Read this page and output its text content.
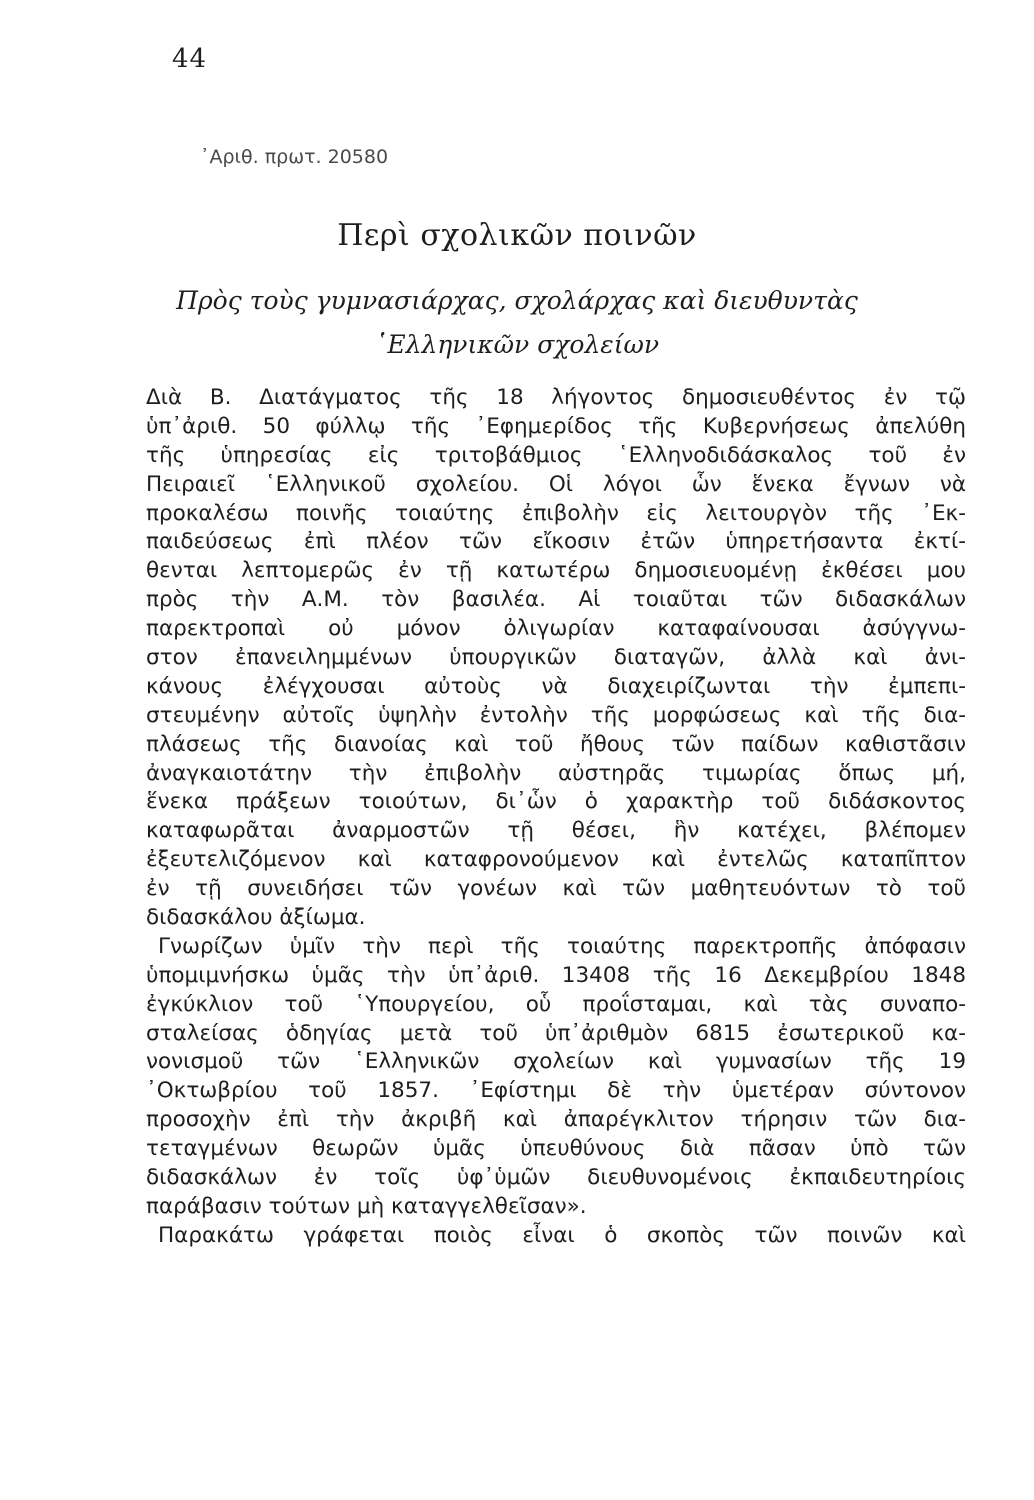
44
᾿Αριθ. πρωτ. 20580
Περὶ σχολικῶν ποινῶν
Πρὸς τοὺς γυμνασιάρχας, σχολάρχας καὶ διευθυντὰς
῾Ελληνικῶν σχολείων
Διὰ Β. Διατάγματος τῆς 18 λήγοντος δημοσιευθέντος ἐν τῷ
ὑπ᾿ἀριθ. 50 φύλλῳ τῆς ᾿Εφημερίδος τῆς Κυβερνήσεως ἀπελύθη
τῆς ὑπηρεσίας εἰς τριτοβάθμιος ῾Ελληνοδιδάσκαλος τοῦ ἐν
Πειραιεῖ ῾Ελληνικοῦ σχολείου. Οἱ λόγοι ὧν ἕνεκα ἔγνων νὰ
προκαλέσω ποινῆς τοιαύτης ἐπιβολὴν εἰς λειτουργὸν τῆς ᾿Εκ-
παιδεύσεως ἐπὶ πλέον τῶν εἴκοσιν ἐτῶν ὑπηρετήσαντα ἐκτί-
θενται λεπτομερῶς ἐν τῇ κατωτέρω δημοσιευομένῃ ἐκθέσει μου
πρὸς τὴν Α.Μ. τὸν βασιλέα. Αἱ τοιαῦται τῶν διδασκάλων
παρεκτροπαὶ οὐ μόνον ὀλιγωρίαν καταφαίνουσαι ἀσύγγνω-
στον ἐπανειλημμένων ὑπουργικῶν διαταγῶν, ἀλλὰ καὶ ἀνι-
κάνους ἐλέγχουσαι αὐτοὺς νὰ διαχειρίζωνται τὴν ἐμπεπι-
στευμένην αὐτοῖς ὑψηλὴν ἐντολὴν τῆς μορφώσεως καὶ τῆς δια-
πλάσεως τῆς διανοίας καὶ τοῦ ἤθους τῶν παίδων καθιστᾶσιν
ἀναγκαιοτάτην τὴν ἐπιβολὴν αὐστηρᾶς τιμωρίας ὅπως μή,
ἕνεκα πράξεων τοιούτων, δι᾿ὧν ὁ χαρακτὴρ τοῦ διδάσκοντος
καταφωρᾶται ἀναρμοστῶν τῇ θέσει, ἣν κατέχει, βλέπομεν
ἐξευτελιζόμενον καὶ καταφρονούμενον καὶ ἐντελῶς καταπῖπτον
ἐν τῇ συνειδήσει τῶν γονέων καὶ τῶν μαθητευόντων τὸ τοῦ
διδασκάλου ἀξίωμα.
Γνωρίζων ὑμῖν τὴν περὶ τῆς τοιαύτης παρεκτροπῆς ἀπόφασιν
ὑπομιμνήσκω ὑμᾶς τὴν ὑπ᾿ἀριθ. 13408 τῆς 16 Δεκεμβρίου 1848
ἐγκύκλιον τοῦ ῾Υπουργείου, οὗ προΐσταμαι, καὶ τὰς συναπο-
σταλείσας ὁδηγίας μετὰ τοῦ ὑπ᾿ἀριθμὸν 6815 ἐσωτερικοῦ κα-
νονισμοῦ τῶν ῾Ελληνικῶν σχολείων καὶ γυμνασίων τῆς 19
᾿Οκτωβρίου τοῦ 1857. ᾿Εφίστημι δὲ τὴν ὑμετέραν σύντονον
προσοχὴν ἐπὶ τὴν ἀκριβῆ καὶ ἀπαρέγκλιτον τήρησιν τῶν δια-
τεταγμένων θεωρῶν ὑμᾶς ὑπευθύνους διὰ πᾶσαν ὑπὸ τῶν
διδασκάλων ἐν τοῖς ὑφ᾿ὑμῶν διευθυνομένοις ἐκπαιδευτηρίοις
παράβασιν τούτων μὴ καταγγελθεῖσαν».
Παρακάτω γράφεται ποιὸς εἶναι ὁ σκοπὸς τῶν ποινῶν καὶ
